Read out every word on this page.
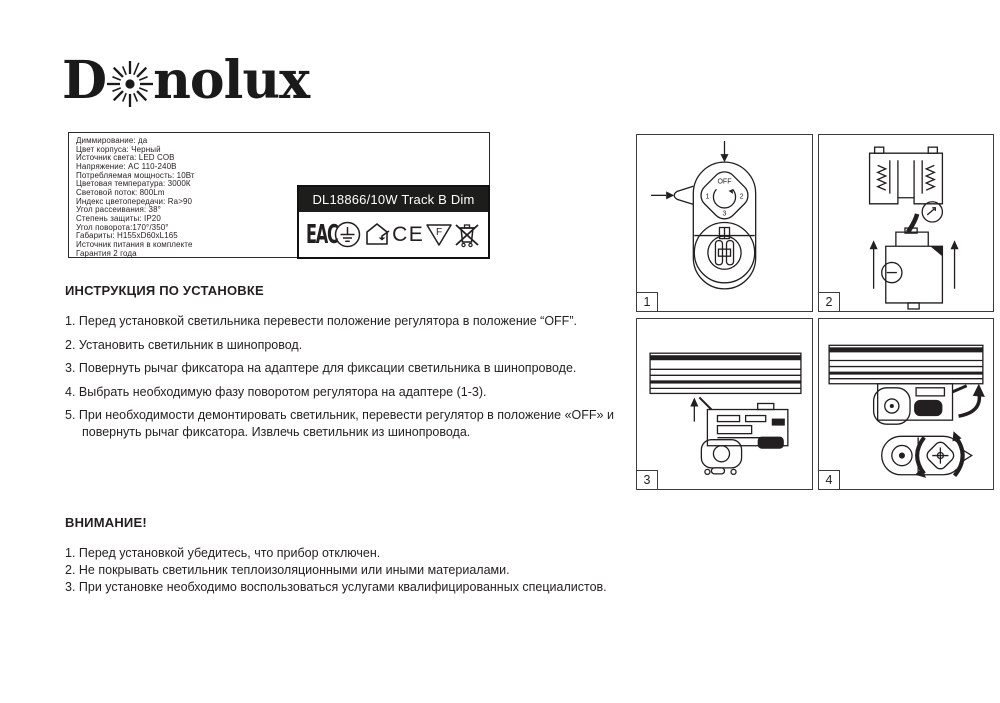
D nolux
Диммирование: да
Цвет корпуса: Черный
Источник света: LED COB
Напряжение: AC 110-240В
Потребляемая мощность: 10Вт
Цветовая температура: 3000К
Световой поток: 800Lm
Индекс цветопередачи: Ra>90
Угол рассеивания: 38°
Степень защиты: IP20
Угол поворота:170°/350°
Габариты: H155xD60xL165
Источник питания в комплекте
Гарантия 2 года
DL18866/10W Track B Dim
EAC	CE F
ИНСТРУКЦИЯ ПО УСТАНОВКЕ
1. Перед установкой светильника перевести положение регулятора в положение “OFF”.
2. Установить светильник в шинопровод.
3. Повернуть рычаг фиксатора на адаптере для фиксации светильника в шинопроводе.
4. Выбрать необходимую фазу поворотом регулятора на адаптере (1-3).
5. При необходимости демонтировать светильник, перевести регулятор в положение «OFF» и повернуть рычаг фиксатора. Извлечь светильник из шинопровода.
ВНИМАНИЕ!
1. Перед установкой убедитесь, что прибор отключен.
2. Не покрывать светильник теплоизоляционными или иными материалами.
3. При установке необходимо воспользоваться услугами квалифицированных специалистов.
OFF
1	2
3
1	2
3	4
